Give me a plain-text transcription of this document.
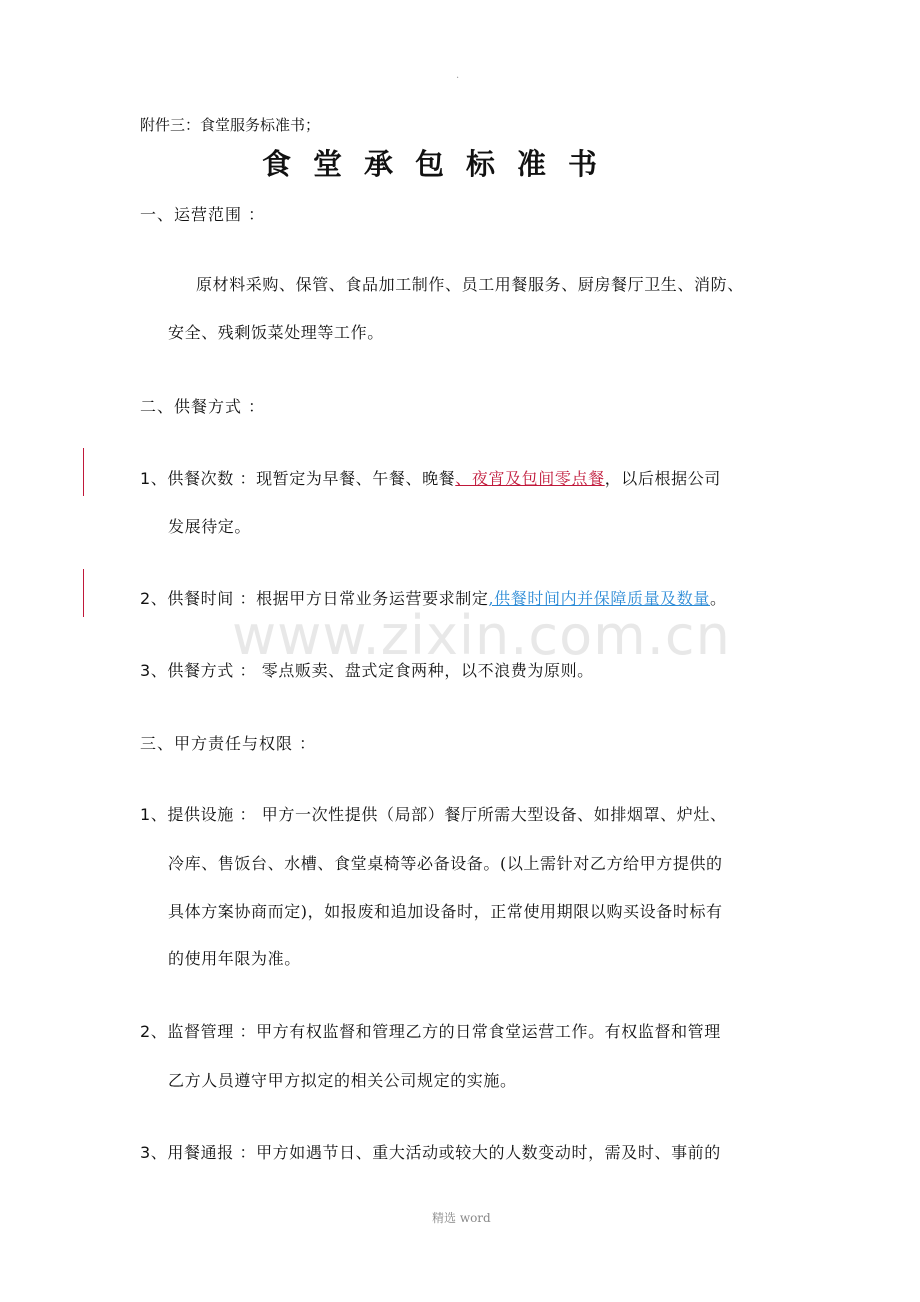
.
附件三：食堂服务标准书；
食堂承包标准书
一、运营范围 ：
原材料采购、保管、食品加工制作、员工用餐服务、厨房餐厅卫生、消防、
安全、残剩饭菜处理等工作。
二、供餐方式 ：
1、供餐次数 ：现暂定为早餐、午餐、晚餐、夜宵及包间零点餐，以后根据公司
发展待定。
2、供餐时间 ：根据甲方日常业务运营要求制定,供餐时间内并保障质量及数量。
3、供餐方式 ： 零点贩卖、盘式定食两种，以不浪费为原则。
三、甲方责任与权限 ：
1、提供设施 ： 甲方一次性提供（局部）餐厅所需大型设备、如排烟罩、炉灶、
冷库、售饭台、水槽、食堂桌椅等必备设备。(以上需针对乙方给甲方提供的
具体方案协商而定)，如报废和追加设备时，正常使用期限以购买设备时标有
的使用年限为准。
2、监督管理 ：甲方有权监督和管理乙方的日常食堂运营工作。有权监督和管理
乙方人员遵守甲方拟定的相关公司规定的实施。
3、用餐通报 ：甲方如遇节日、重大活动或较大的人数变动时，需及时、事前的
www.zixin.com.cn
精选 word
